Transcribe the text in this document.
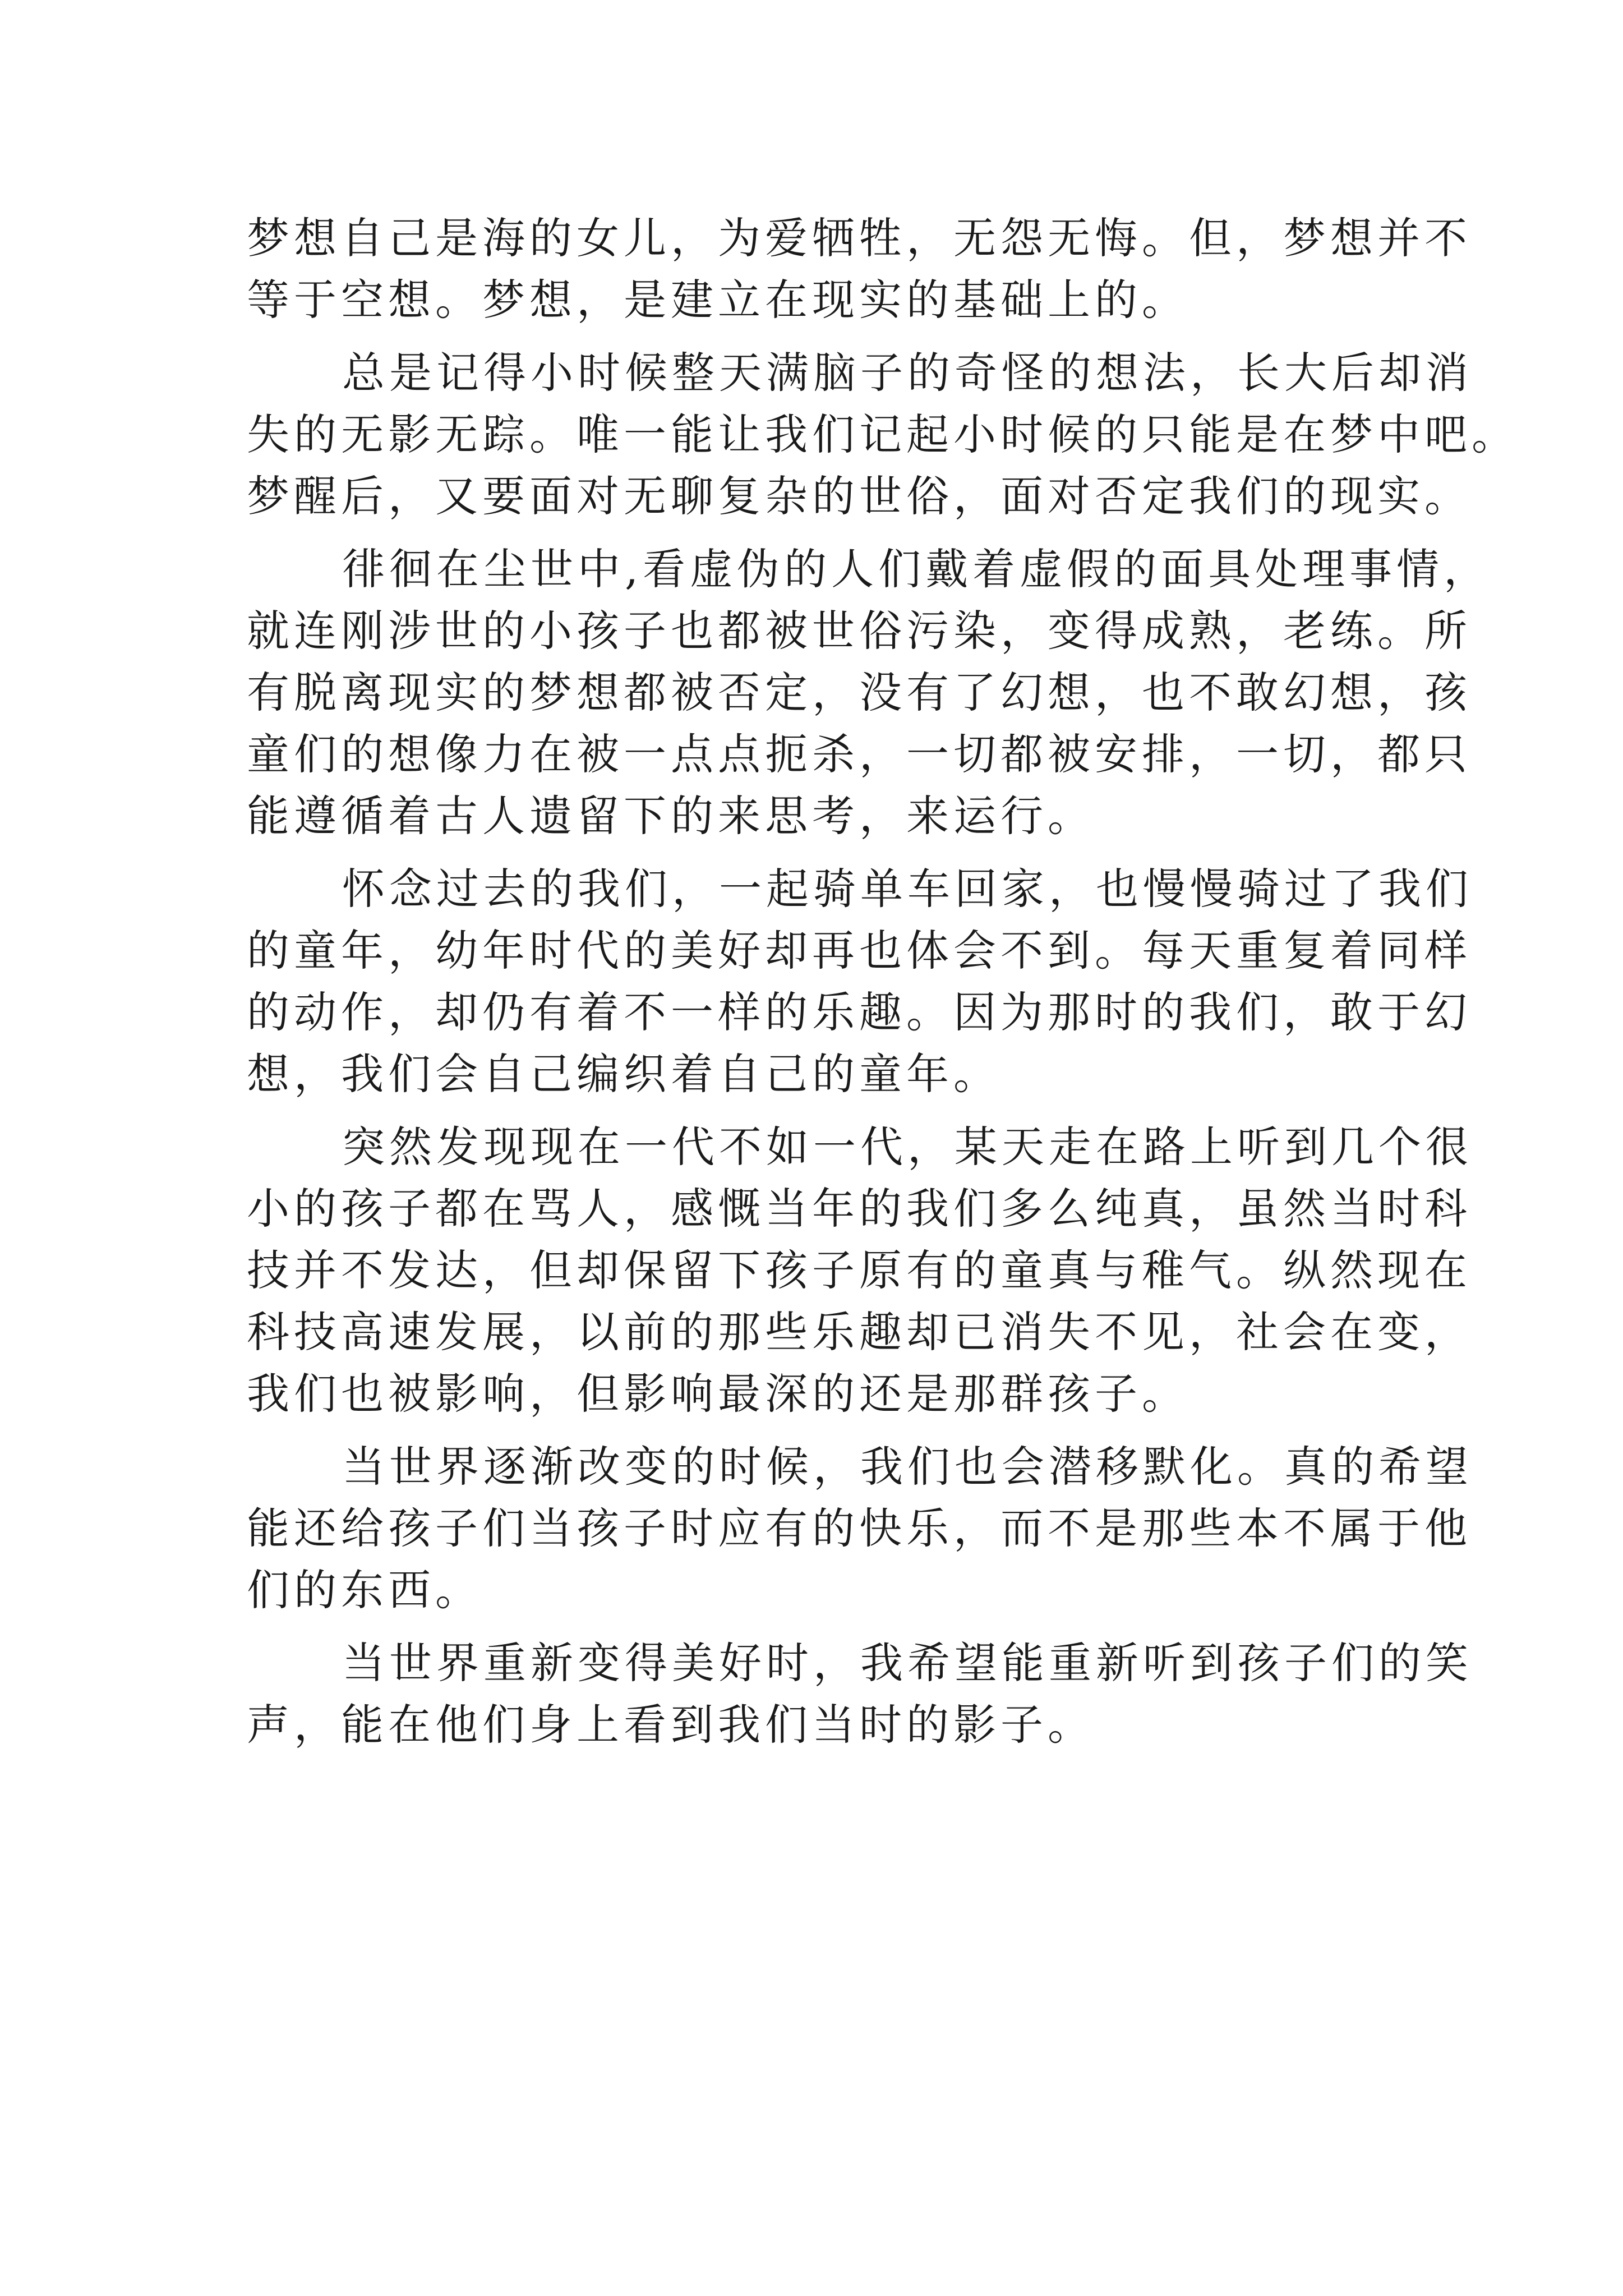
梦想自己是海的女儿，为爱牺牲，无怨无悔。但，梦想并不

等于空想。梦想，是建立在现实的基础上的。

总是记得小时候整天满脑子的奇怪的想法，长大后却消

失的无影无踪。唯一能让我们记起小时候的只能是在梦中吧。

梦醒后，又要面对无聊复杂的世俗，面对否定我们的现实。

徘徊在尘世中,看虚伪的人们戴着虚假的面具处理事情，

就连刚涉世的小孩子也都被世俗污染，变得成熟，老练。所

有脱离现实的梦想都被否定，没有了幻想，也不敢幻想，孩

童们的想像力在被一点点扼杀，一切都被安排，一切，都只

能遵循着古人遗留下的来思考，来运行。

怀念过去的我们，一起骑单车回家，也慢慢骑过了我们

的童年，幼年时代的美好却再也体会不到。每天重复着同样

的动作，却仍有着不一样的乐趣。因为那时的我们，敢于幻

想，我们会自己编织着自己的童年。

突然发现现在一代不如一代，某天走在路上听到几个很

小的孩子都在骂人，感慨当年的我们多么纯真，虽然当时科

技并不发达，但却保留下孩子原有的童真与稚气。纵然现在

科技高速发展，以前的那些乐趣却已消失不见，社会在变，

我们也被影响，但影响最深的还是那群孩子。

当世界逐渐改变的时候，我们也会潜移默化。真的希望

能还给孩子们当孩子时应有的快乐，而不是那些本不属于他

们的东西。

当世界重新变得美好时，我希望能重新听到孩子们的笑

声，能在他们身上看到我们当时的影子。
